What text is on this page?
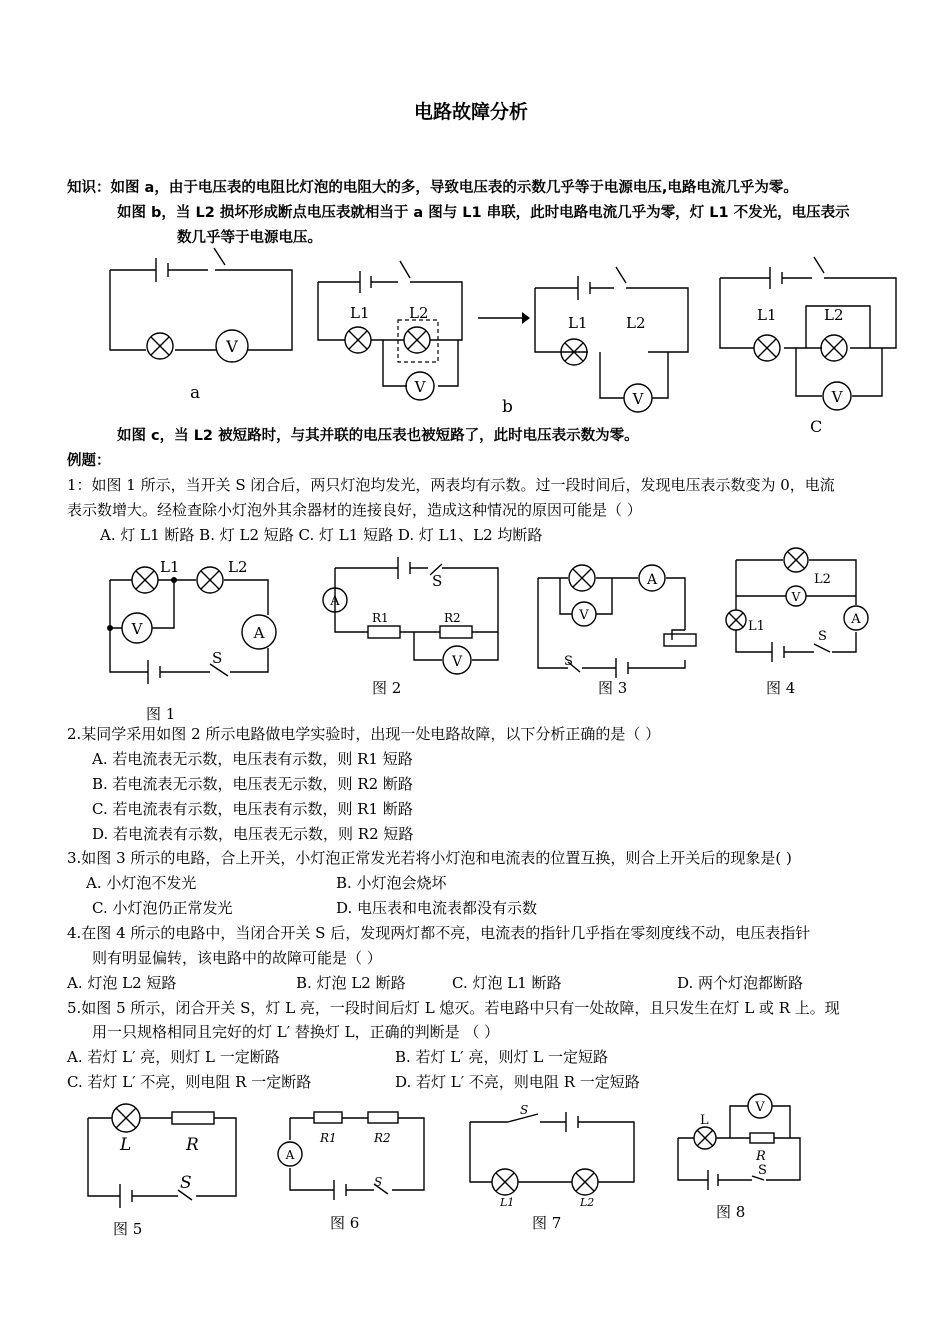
电路故障分析
知识：如图 a，由于电压表的电阻比灯泡的电阻大的多，导致电压表的示数几乎等于电源电压,电路电流几乎为零。
如图 b，当 L2 损坏形成断点电压表就相当于 a 图与 L1 串联，此时电路电流几乎为零，灯 L1 不发光，电压表示
数几乎等于电源电压。
V
a	V
L1	L2
V
L1	L2
b	V
L1	L2
C
如图 c，当 L2 被短路时，与其并联的电压表也被短路了，此时电压表示数为零。
例题：
1：如图 1 所示，当开关 S 闭合后，两只灯泡均发光，两表均有示数。过一段时间后，发现电压表示数变为 0，电流
表示数增大。经检查除小灯泡外其余器材的连接良好，造成这种情况的原因可能是（ ）
A. 灯 L1 断路 B. 灯 L2 短路 C. 灯 L1 短路 D. 灯 L1、L2 均断路
V	A
L1	L2
S
图 1
V
A
S
R1	R2
图 2
A
V
S
图 3
V
A
L2
L1
S
图 4
2.某同学采用如图 2 所示电路做电学实验时，出现一处电路故障，以下分析正确的是（ ）
A. 若电流表无示数，电压表有示数，则 R1 短路
B. 若电流表无示数，电压表无示数，则 R2 断路
C. 若电流表有示数，电压表有示数，则 R1 断路
D. 若电流表有示数，电压表无示数，则 R2 短路
3.如图 3 所示的电路，合上开关，小灯泡正常发光若将小灯泡和电流表的位置互换，则合上开关后的现象是( )
A. 小灯泡不发光	B. 小灯泡会烧坏
C. 小灯泡仍正常发光	D. 电压表和电流表都没有示数
4.在图 4 所示的电路中，当闭合开关 S 后，发现两灯都不亮，电流表的指针几乎指在零刻度线不动，电压表指针
则有明显偏转，该电路中的故障可能是（ ）
A. 灯泡 L2 短路	B. 灯泡 L2 断路	C. 灯泡 L1 断路	D. 两个灯泡都断路
5.如图 5 所示，闭合开关 S，灯 L 亮，一段时间后灯 L 熄灭。若电路中只有一处故障，且只发生在灯 L 或 R 上。现
用一只规格相同且完好的灯 L′ 替换灯 L，正确的判断是 （ ）
A. 若灯 L′ 亮，则灯 L 一定断路	B. 若灯 L′ 亮，则灯 L 一定短路
C. 若灯 L′ 不亮，则电阻 R 一定断路	D. 若灯 L′ 不亮，则电阻 R 一定短路
L	R
S
图 5
A
R1	R2
S
图 6
S
L1	L2
图 7
V
L
R
S
图 8
